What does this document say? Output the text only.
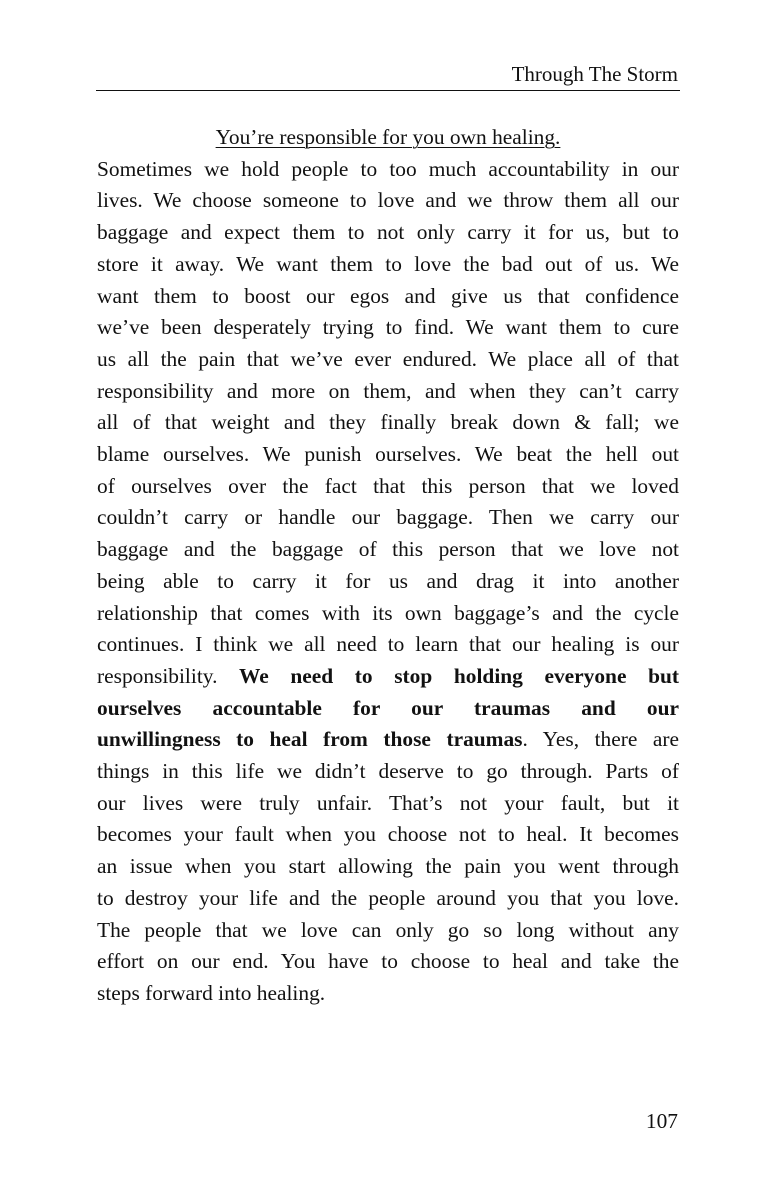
Through The Storm

You’re responsible for you own healing.

Sometimes we hold people to too much accountability in our
lives. We choose someone to love and we throw them all our
baggage and expect them to not only carry it for us, but to
store it away. We want them to love the bad out of us. We
want them to boost our egos and give us that confidence
we’ve been desperately trying to find. We want them to cure
us all the pain that we’ve ever endured. We place all of that
responsibility and more on them, and when they can’t carry
all of that weight and they finally break down & fall; we
blame ourselves. We punish ourselves. We beat the hell out
of ourselves over the fact that this person that we loved
couldn’t carry or handle our baggage. Then we carry our
baggage and the baggage of this person that we love not
being able to carry it for us and drag it into another
relationship that comes with its own baggage’s and the cycle
continues. I think we all need to learn that our healing is our
responsibility. We need to stop holding everyone but
ourselves accountable for our traumas and our
unwillingness to heal from those traumas. Yes, there are
things in this life we didn’t deserve to go through. Parts of
our lives were truly unfair. That’s not your fault, but it
becomes your fault when you choose not to heal. It becomes
an issue when you start allowing the pain you went through
to destroy your life and the people around you that you love.
The people that we love can only go so long without any
effort on our end. You have to choose to heal and take the
steps forward into healing.
107
